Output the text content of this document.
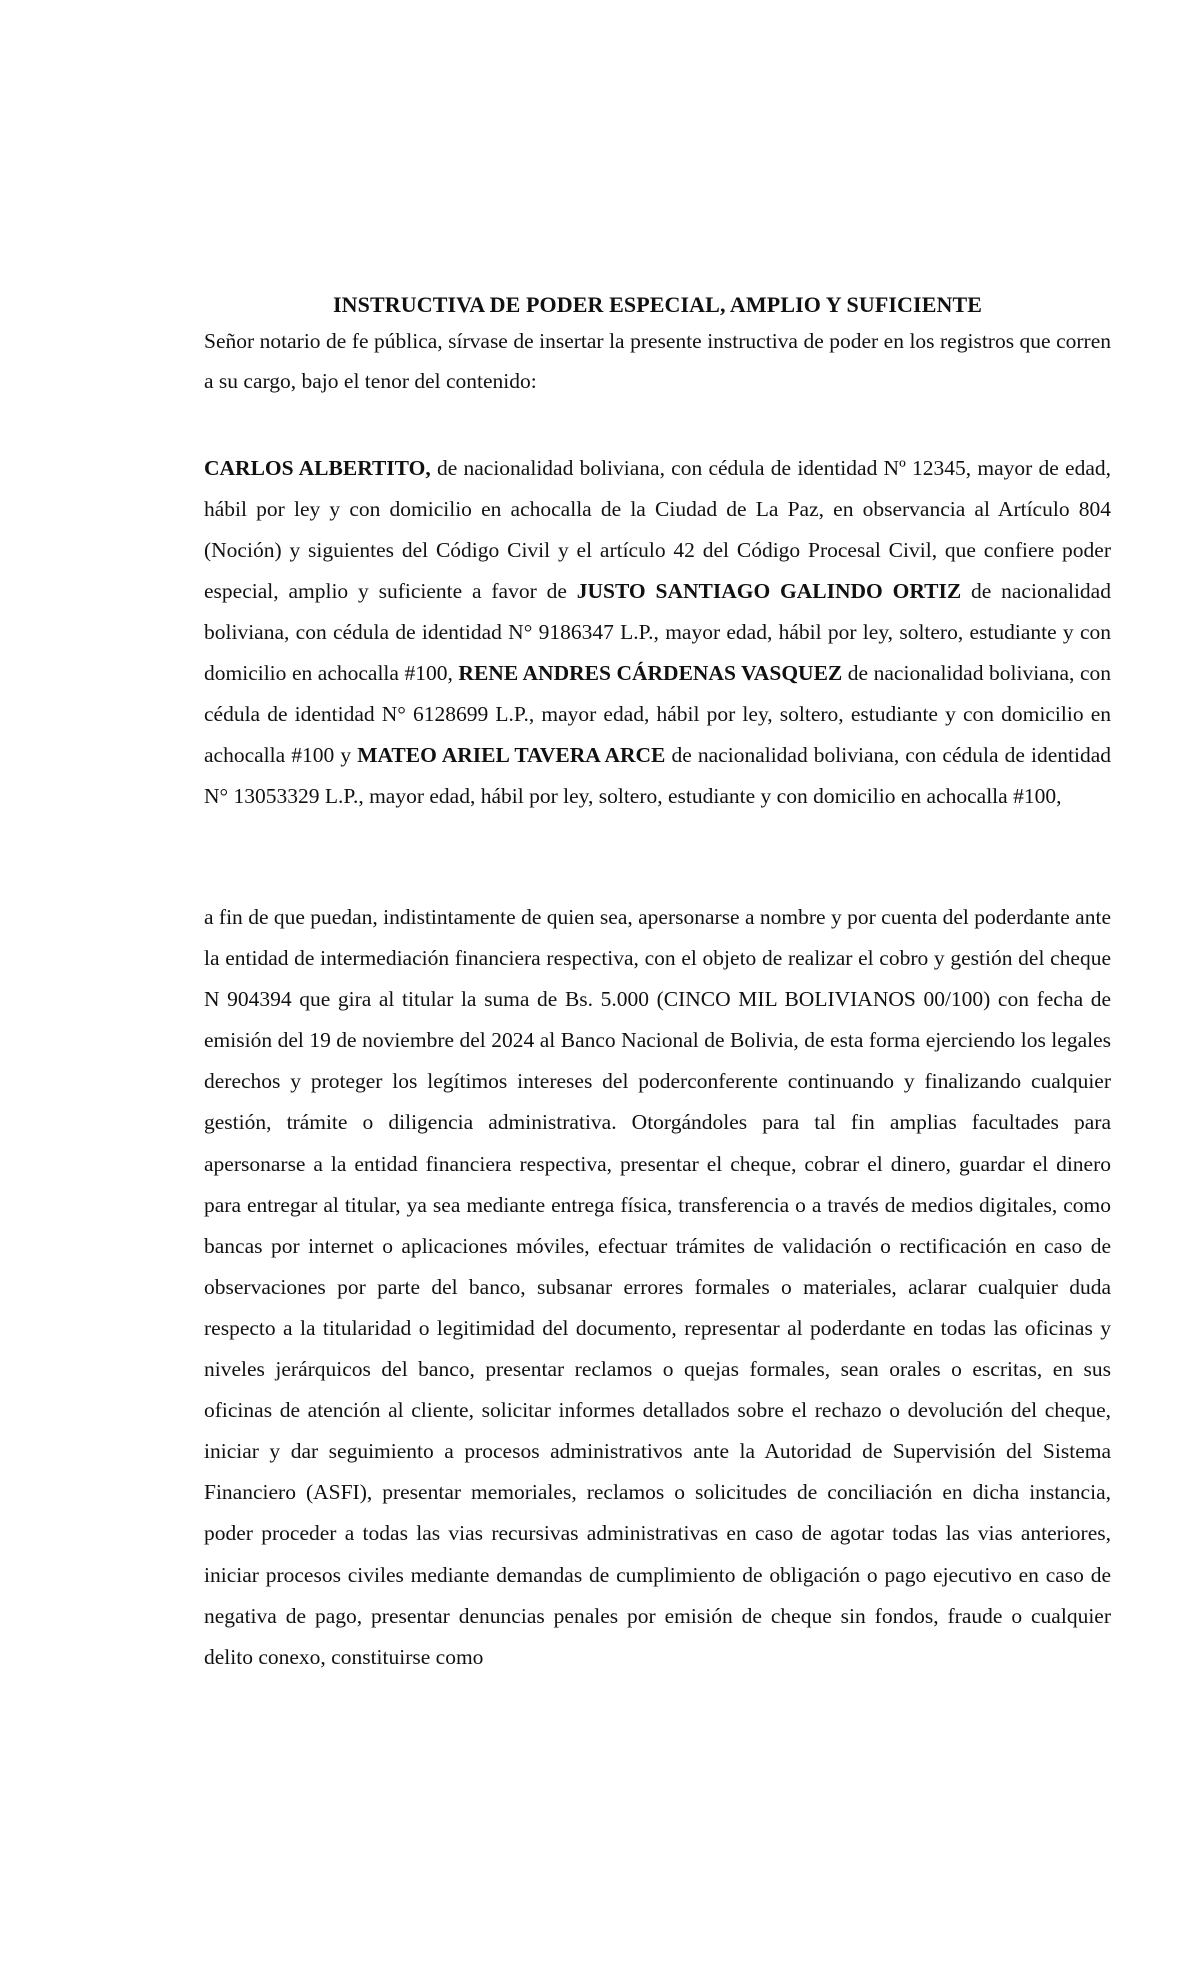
INSTRUCTIVA DE PODER ESPECIAL, AMPLIO Y SUFICIENTE

Señor notario de fe pública, sírvase de insertar la presente instructiva de poder en los registros que corren a su cargo, bajo el tenor del contenido:

CARLOS ALBERTITO, de nacionalidad boliviana, con cédula de identidad Nº 12345, mayor de edad, hábil por ley y con domicilio en achocalla de la Ciudad de La Paz, en observancia al Artículo 804 (Noción) y siguientes del Código Civil y el artículo 42 del Código Procesal Civil, que confiere poder especial, amplio y suficiente a favor de JUSTO SANTIAGO GALINDO ORTIZ de nacionalidad boliviana, con cédula de identidad N° 9186347 L.P., mayor edad, hábil por ley, soltero, estudiante y con domicilio en achocalla #100, RENE ANDRES CÁRDENAS VASQUEZ de nacionalidad boliviana, con cédula de identidad N° 6128699 L.P., mayor edad, hábil por ley, soltero, estudiante y con domicilio en achocalla #100 y MATEO ARIEL TAVERA ARCE de nacionalidad boliviana, con cédula de identidad N° 13053329 L.P., mayor edad, hábil por ley, soltero, estudiante y con domicilio en achocalla #100,

a fin de que puedan, indistintamente de quien sea, apersonarse a nombre y por cuenta del poderdante ante la entidad de intermediación financiera respectiva, con el objeto de realizar el cobro y gestión del cheque N 904394 que gira al titular la suma de Bs. 5.000 (CINCO MIL BOLIVIANOS 00/100) con fecha de emisión del 19 de noviembre del 2024 al Banco Nacional de Bolivia, de esta forma ejerciendo los legales derechos y proteger los legítimos intereses del poderconferente continuando y finalizando cualquier gestión, trámite o diligencia administrativa. Otorgándoles para tal fin amplias facultades para apersonarse a la entidad financiera respectiva, presentar el cheque, cobrar el dinero, guardar el dinero para entregar al titular, ya sea mediante entrega física, transferencia o a través de medios digitales, como bancas por internet o aplicaciones móviles, efectuar trámites de validación o rectificación en caso de observaciones por parte del banco, subsanar errores formales o materiales, aclarar cualquier duda respecto a la titularidad o legitimidad del documento, representar al poderdante en todas las oficinas y niveles jerárquicos del banco, presentar reclamos o quejas formales, sean orales o escritas, en sus oficinas de atención al cliente, solicitar informes detallados sobre el rechazo o devolución del cheque, iniciar y dar seguimiento a procesos administrativos ante la Autoridad de Supervisión del Sistema Financiero (ASFI), presentar memoriales, reclamos o solicitudes de conciliación en dicha instancia, poder proceder a todas las vias recursivas administrativas en caso de agotar todas las vias anteriores, iniciar procesos civiles mediante demandas de cumplimiento de obligación o pago ejecutivo en caso de negativa de pago, presentar denuncias penales por emisión de cheque sin fondos, fraude o cualquier delito conexo, constituirse como
